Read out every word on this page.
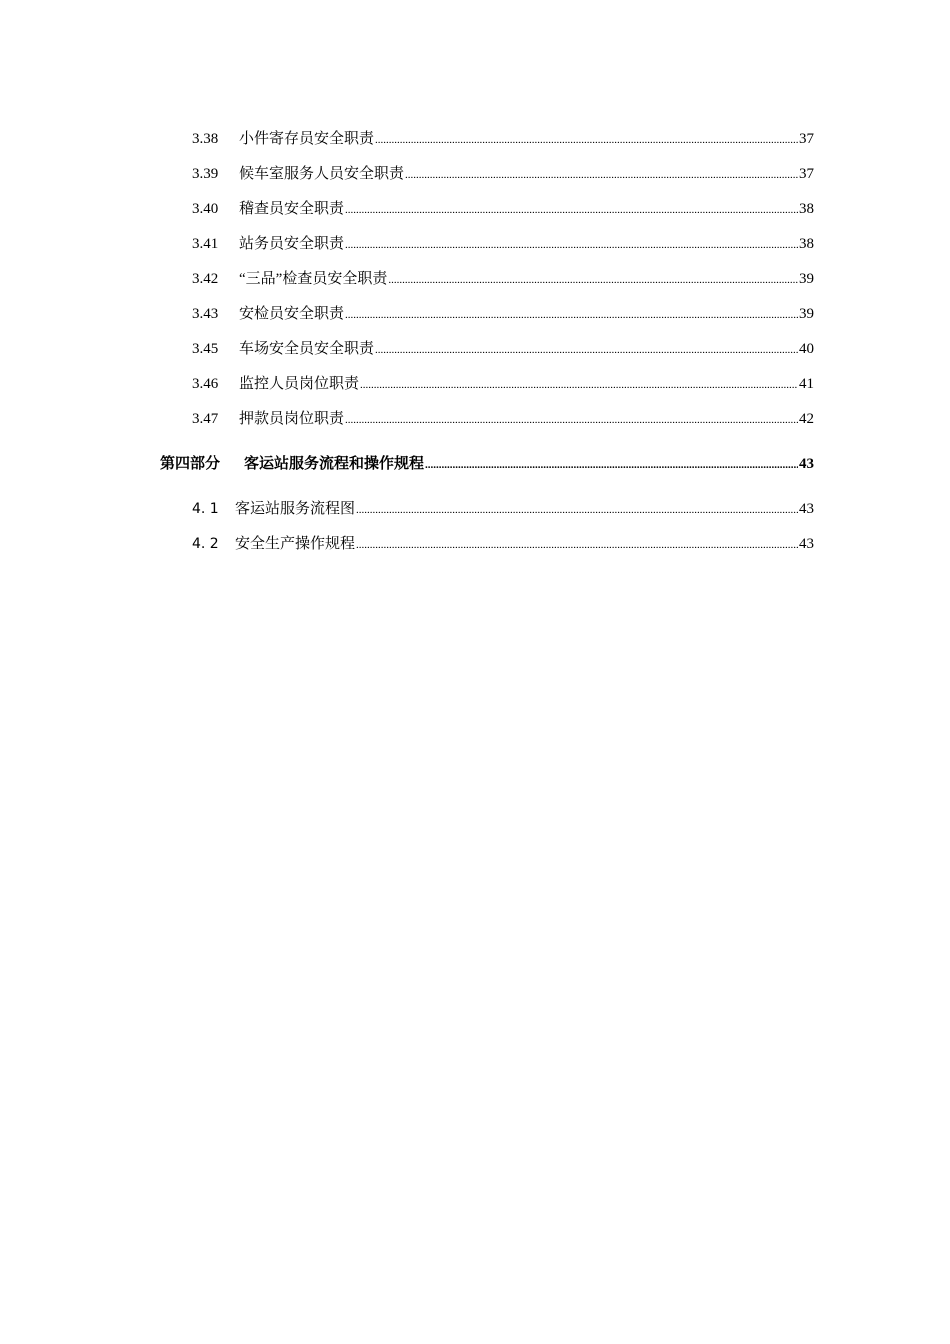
3.38	小件寄存员安全职责 .....	37
3.39	候车室服务人员安全职责 .....	37
3.40	稽查员安全职责 .....	38
3.41	站务员安全职责 .....	38
3.42	“三品”检查员安全职责 .....	39
3.43	安检员安全职责 .....	39
3.45	车场安全员安全职责 .....	40
3.46	监控人员岗位职责 .....	41
3.47	押款员岗位职责 .....	42
第四部分	客运站服务流程和操作规程 .....	43
4. 1	客运站服务流程图 .....	43
4. 2	安全生产操作规程 .....	43
